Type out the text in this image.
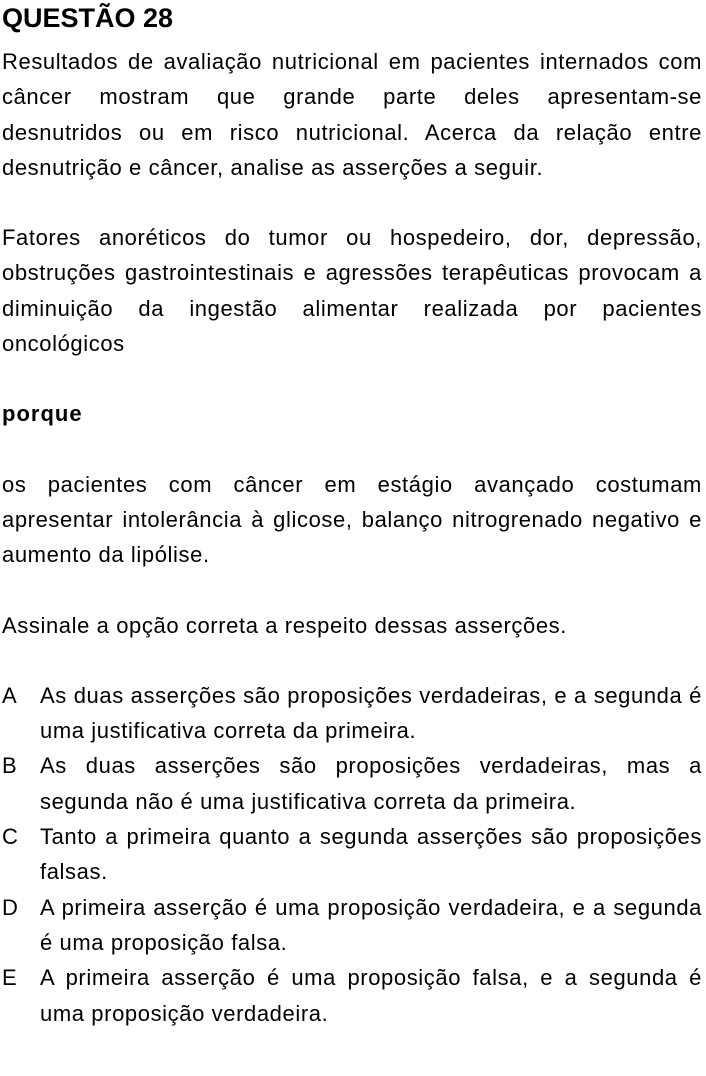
QUESTÃO 28

Resultados de avaliação nutricional em pacientes internados com câncer mostram que grande parte deles apresentam-se desnutridos ou em risco nutricional. Acerca da relação entre desnutrição e câncer, analise as asserções a seguir.

Fatores anoréticos do tumor ou hospedeiro, dor, depressão, obstruções gastrointestinais e agressões terapêuticas provocam a diminuição da ingestão alimentar realizada por pacientes oncológicos

porque

os pacientes com câncer em estágio avançado costumam apresentar intolerância à glicose, balanço nitrogrenado negativo e aumento da lipólise.

Assinale a opção correta a respeito dessas asserções.

A	As duas asserções são proposições verdadeiras, e a segunda é uma justificativa correta da primeira.
B	As duas asserções são proposições verdadeiras, mas a segunda não é uma justificativa correta da primeira.
C Tanto a primeira quanto a segunda asserções são proposições falsas.
D A primeira asserção é uma proposição verdadeira, e a segunda é uma proposição falsa.
E	A primeira asserção é uma proposição falsa, e a segunda é uma proposição verdadeira.
